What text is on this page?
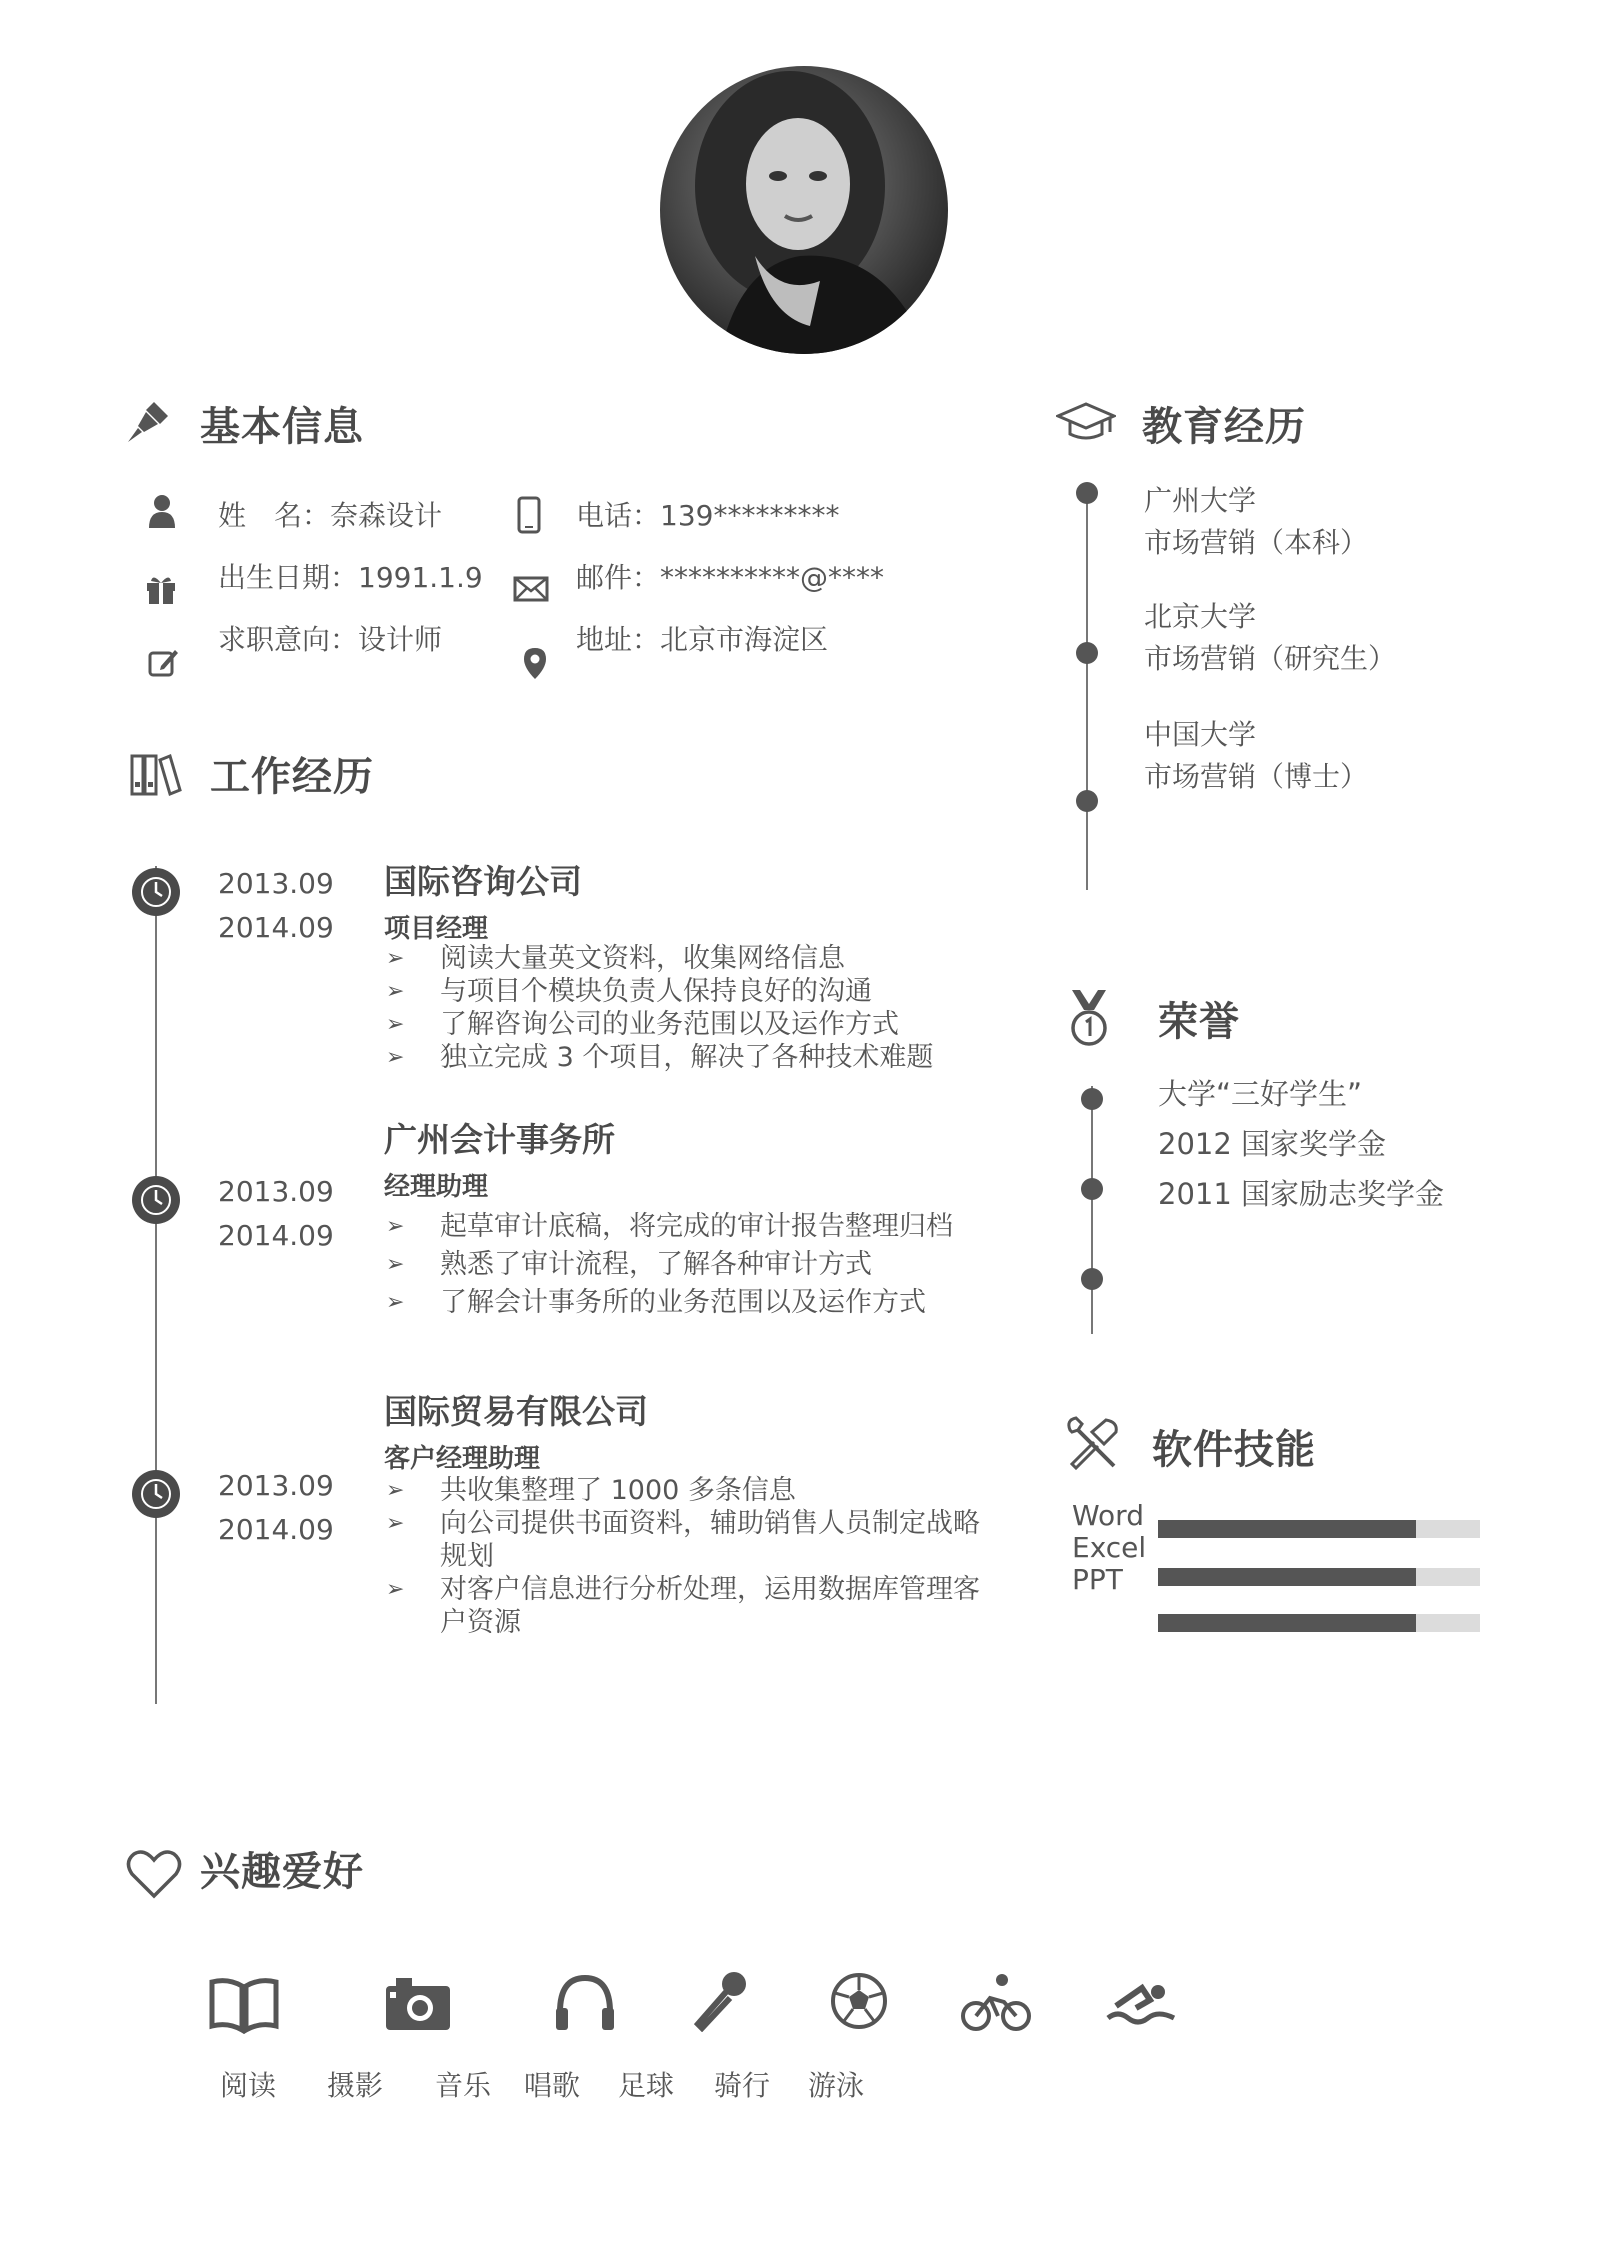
基本信息
姓　名：奈森设计
出生日期：1991.1.9
求职意向：设计师
电话：139*********
邮件：**********@****
地址：北京市海淀区
工作经历
2013.09
2014.09
国际咨询公司
项目经理
➢ 阅读大量英文资料，收集网络信息
➢ 与项目个模块负责人保持良好的沟通
➢ 了解咨询公司的业务范围以及运作方式
➢ 独立完成 3 个项目，解决了各种技术难题
2013.09
2014.09
广州会计事务所
经理助理
➢ 起草审计底稿，将完成的审计报告整理归档
➢ 熟悉了审计流程，了解各种审计方式
➢ 了解会计事务所的业务范围以及运作方式
2013.09
2014.09
国际贸易有限公司
客户经理助理
➢ 共收集整理了 1000 多条信息
➢ 向公司提供书面资料，辅助销售人员制定战略规划
➢ 对客户信息进行分析处理，运用数据库管理客户资源
教育经历
广州大学
市场营销（本科）
北京大学
市场营销（研究生）
中国大学
市场营销（博士）
荣誉
大学“三好学生”
2012 国家奖学金
2011 国家励志奖学金
软件技能
Word
Excel
PPT
兴趣爱好
阅读	摄影	音乐	唱歌	足球	骑行	游泳
